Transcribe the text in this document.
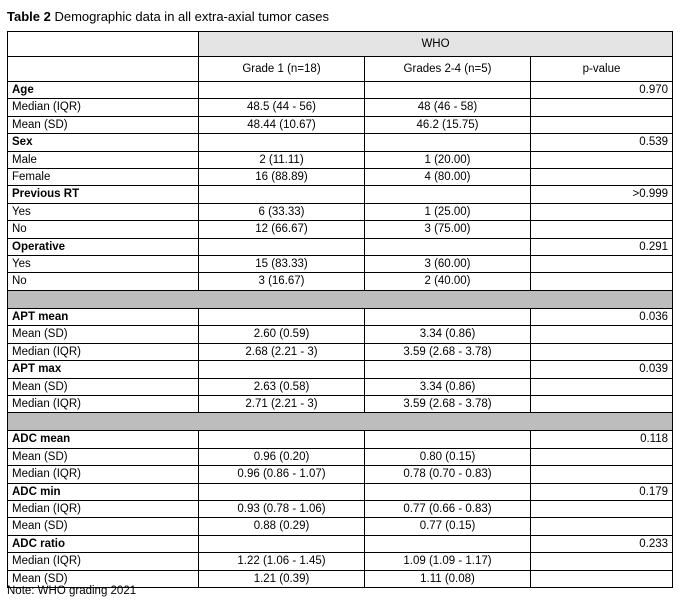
Table 2 Demographic data in all extra-axial tumor cases
	WHO		
	Grade 1 (n=18)	Grades 2-4 (n=5)	p-value
Age			0.970
Median (IQR)	48.5 (44 - 56)	48 (46 - 58)	
Mean (SD)	48.44 (10.67)	46.2 (15.75)	
Sex			0.539
Male	2 (11.11)	1 (20.00)	
Female	16 (88.89)	4 (80.00)	
Previous RT			>0.999
Yes	6 (33.33)	1 (25.00)	
No	12 (66.67)	3 (75.00)	
Operative			0.291
Yes	15 (83.33)	3 (60.00)	
No	3 (16.67)	2 (40.00)	

APT mean			0.036
Mean (SD)	2.60 (0.59)	3.34 (0.86)	
Median (IQR)	2.68 (2.21 - 3)	3.59 (2.68 - 3.78)	
APT max			0.039
Mean (SD)	2.63 (0.58)	3.34 (0.86)	
Median (IQR)	2.71 (2.21 - 3)	3.59 (2.68 - 3.78)	

ADC mean			0.118
Mean (SD)	0.96 (0.20)	0.80 (0.15)	
Median (IQR)	0.96 (0.86 - 1.07)	0.78 (0.70 - 0.83)	
ADC min			0.179
Median (IQR)	0.93 (0.78 - 1.06)	0.77 (0.66 - 0.83)	
Mean (SD)	0.88 (0.29)	0.77 (0.15)	
ADC ratio			0.233
Median (IQR)	1.22 (1.06 - 1.45)	1.09 (1.09 - 1.17)	
Mean (SD)	1.21 (0.39)	1.11 (0.08)	
Note: WHO grading 2021
